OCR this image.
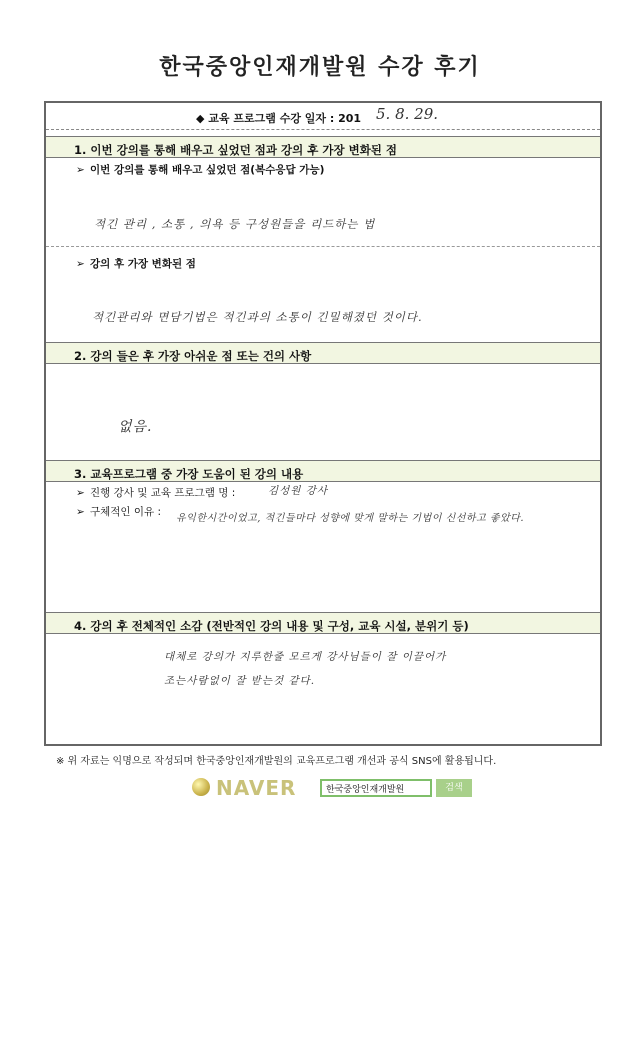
한국중앙인재개발원 수강 후기
◆ 교육 프로그램 수강 일자 : 201 5. 8. 29.
1. 이번 강의를 통해 배우고 싶었던 점과 강의 후 가장 변화된 점
➢ 이번 강의를 통해 배우고 싶었던 점(복수응답 가능)
적긴 관리 , 소통 , 의욕 등 구성원들을 리드하는 법
➢ 강의 후 가장 변화된 점
적긴관리와 면담기법은 적긴과의 소통이 긴밀해졌던 것이다.
2. 강의 들은 후 가장 아쉬운 점 또는 건의 사항
없음.
3. 교육프로그램 중 가장 도움이 된 강의 내용
➢ 진행 강사 및 교육 프로그램 명 :	김성원 강사
➢ 구체적인 이유 :
유익한시간이었고, 적긴들마다 성향에 맞게 말하는 기법이 신선하고 좋았다.
4. 강의 후 전체적인 소감 (전반적인 강의 내용 및 구성, 교육 시설, 분위기 등)
대체로 강의가 지루한줄 모르게 강사님들이 잘 이끌어가
조는사람없이 잘 받는것 같다.
※ 위 자료는 익명으로 작성되며 한국중앙인재개발원의 교육프로그램 개선과 공식 SNS에 활용됩니다.
NAVER	한국중앙인재개발원	검색
